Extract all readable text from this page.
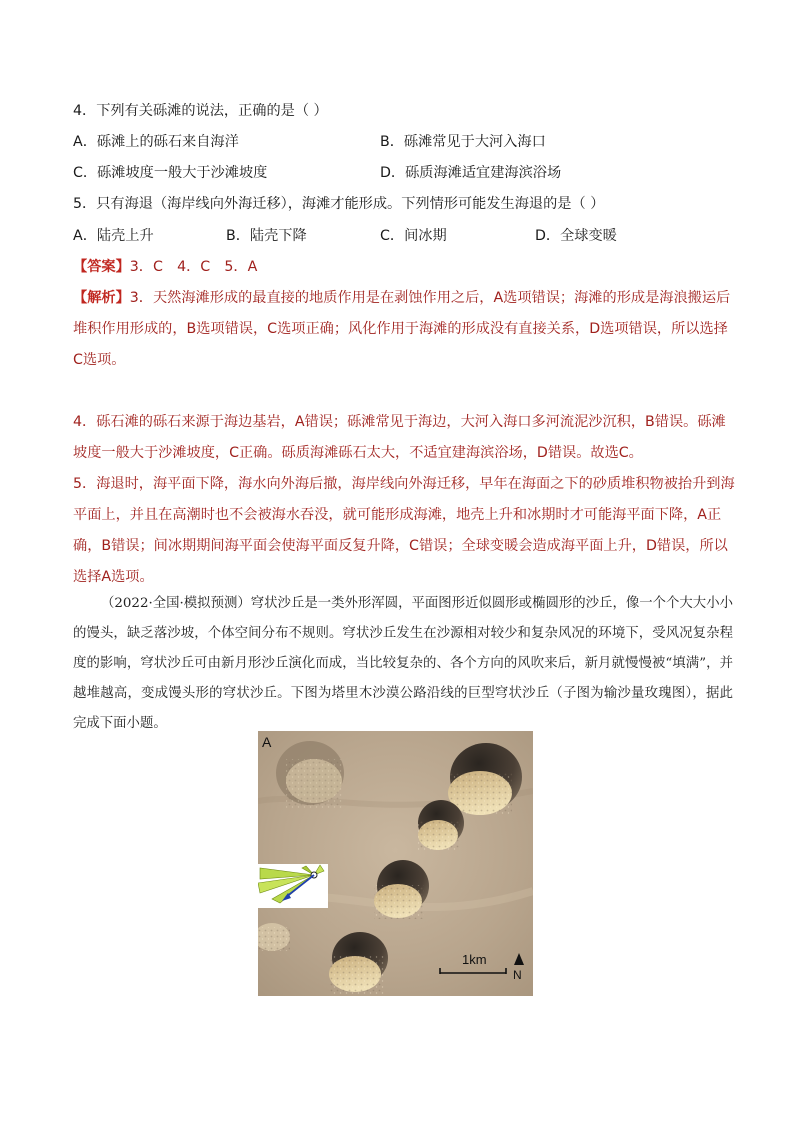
4．下列有关砾滩的说法，正确的是（ ）
A．砾滩上的砾石来自海洋	B．砾滩常见于大河入海口
C．砾滩坡度一般大于沙滩坡度	D．砾质海滩适宜建海滨浴场
5．只有海退（海岸线向外海迁移），海滩才能形成。下列情形可能发生海退的是（ ）
A．陆壳上升	B．陆壳下降	C．间冰期	D．全球变暖
【答案】3．C　4．C　5．A
【解析】3．天然海滩形成的最直接的地质作用是在剥蚀作用之后，A选项错误；海滩的形成是海浪搬运后
堆积作用形成的，B选项错误，C选项正确；风化作用于海滩的形成没有直接关系，D选项错误，所以选择
C选项。
4．砾石滩的砾石来源于海边基岩，A错误；砾滩常见于海边，大河入海口多河流泥沙沉积，B错误。砾滩
坡度一般大于沙滩坡度，C正确。砾质海滩砾石太大，不适宜建海滨浴场，D错误。故选C。
5．海退时，海平面下降，海水向外海后撤，海岸线向外海迁移，早年在海面之下的砂质堆积物被抬升到海
平面上，并且在高潮时也不会被海水吞没，就可能形成海滩，地壳上升和冰期时才可能海平面下降，A正
确，B错误；间冰期期间海平面会使海平面反复升降，C错误；全球变暖会造成海平面上升，D错误，所以
选择A选项。

（2022·全国·模拟预测）穹状沙丘是一类外形浑圆，平面图形近似圆形或椭圆形的沙丘，像一个个大大小小的馒头，缺乏落沙坡，个体空间分布不规则。穹状沙丘发生在沙源相对较少和复杂风况的环境下，受风况复杂程度的影响，穹状沙丘可由新月形沙丘演化而成，当比较复杂的、各个方向的风吹来后，新月就慢慢被“填满”，并越堆越高，变成馒头形的穹状沙丘。下图为塔里木沙漠公路沿线的巨型穹状沙丘（子图为输沙量玫瑰图），据此完成下面小题。

A
1km
N
